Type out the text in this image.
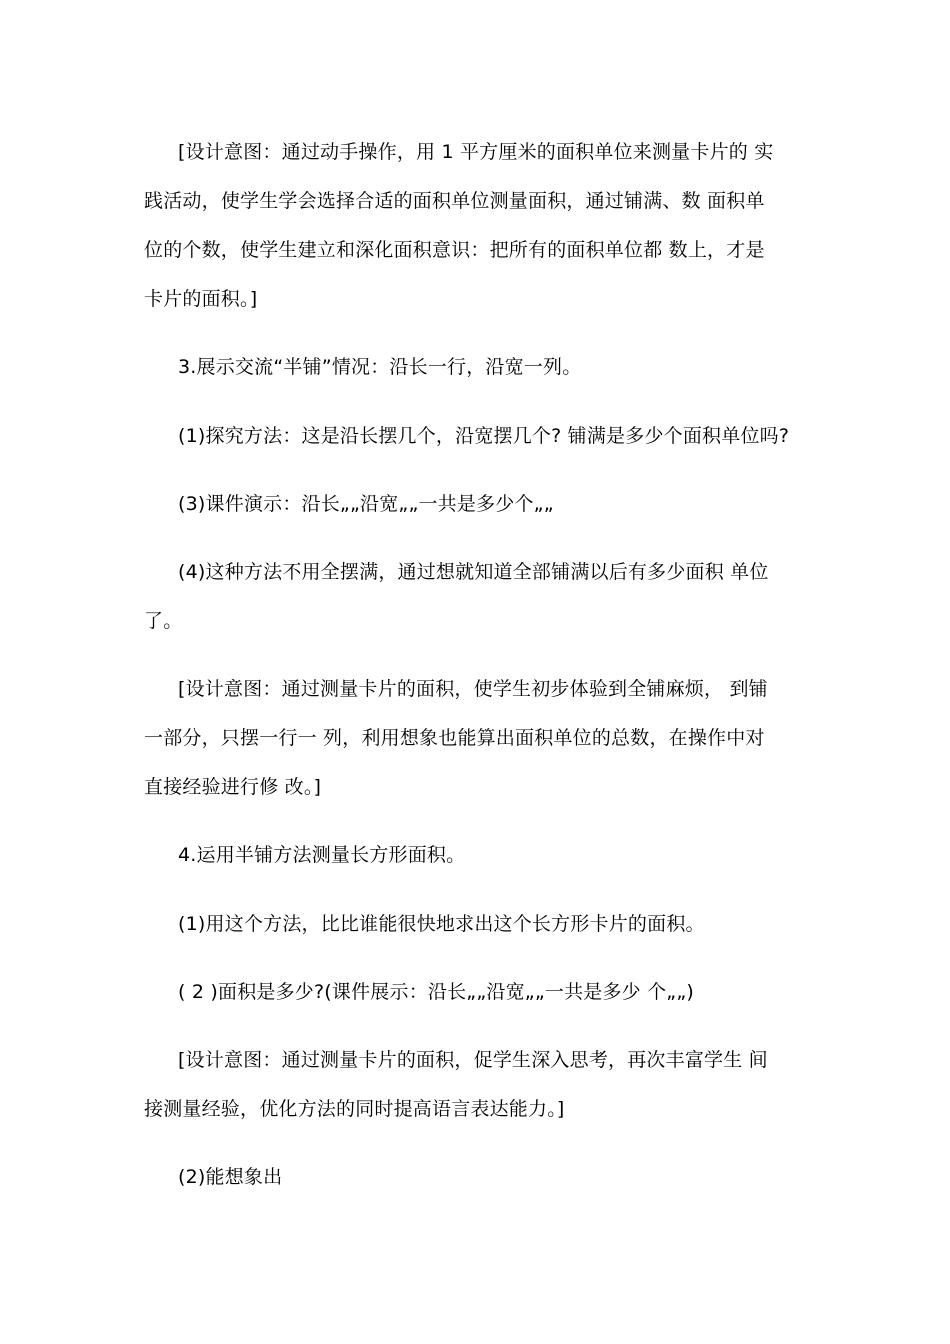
[设计意图：通过动手操作，用 1 平方厘米的面积单位来测量卡片的 实
践活动，使学生学会选择合适的面积单位测量面积，通过铺满、数 面积单
位的个数，使学生建立和深化面积意识：把所有的面积单位都 数上，才是
卡片的面积。]
3.展示交流“半铺”情况：沿长一行，沿宽一列。
(1)探究方法：这是沿长摆几个，沿宽摆几个? 铺满是多少个面积单位吗?
(3)课件演示：沿长„„沿宽„„一共是多少个„„
(4)这种方法不用全摆满，通过想就知道全部铺满以后有多少面积 单位
了。
[设计意图：通过测量卡片的面积，使学生初步体验到全铺麻烦， 到铺
一部分，只摆一行一 列，利用想象也能算出面积单位的总数，在操作中对
直接经验进行修 改。]
4.运用半铺方法测量长方形面积。
(1)用这个方法，比比谁能很快地求出这个长方形卡片的面积。
( 2 )面积是多少?(课件展示：沿长„„沿宽„„一共是多少 个„„)
[设计意图：通过测量卡片的面积，促学生深入思考，再次丰富学生 间
接测量经验，优化方法的同时提高语言表达能力。]
(2)能想象出
